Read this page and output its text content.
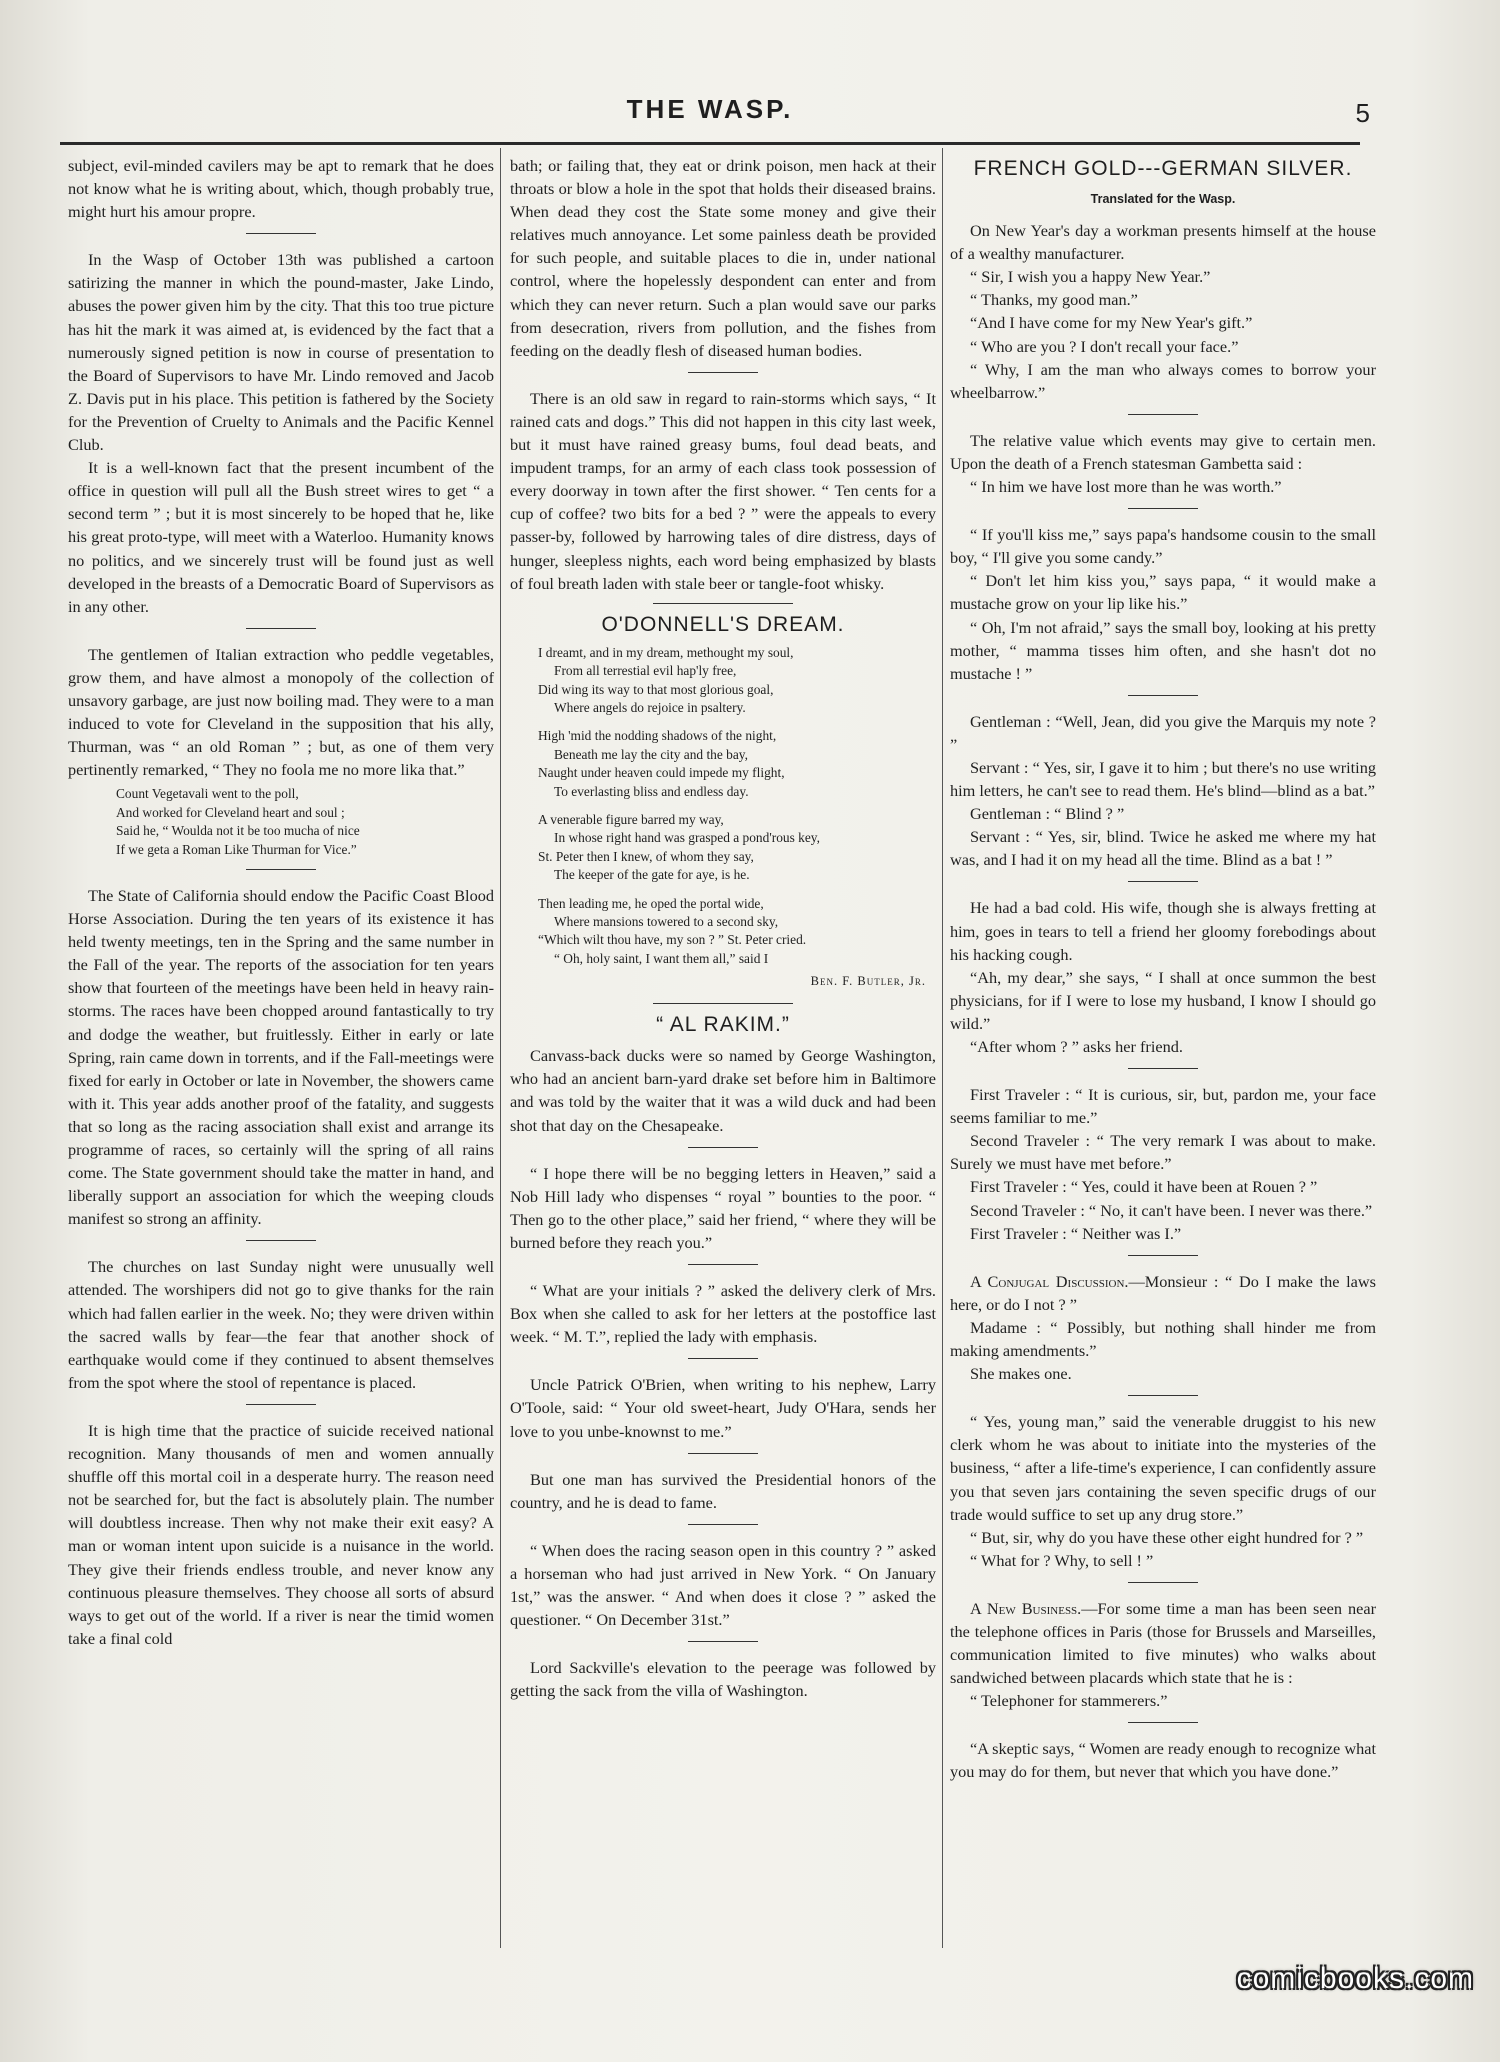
THE WASP.	5

subject, evil-minded cavilers may be apt to remark that he does not know what he is writing about, which, though probably true, might hurt his amour propre.

In the Wasp of October 13th was published a cartoon satirizing the manner in which the pound-master, Jake Lindo, abuses the power given him by the city. That this too true picture has hit the mark it was aimed at, is evidenced by the fact that a numerously signed petition is now in course of presentation to the Board of Supervisors to have Mr. Lindo removed and Jacob Z. Davis put in his place. This petition is fathered by the Society for the Prevention of Cruelty to Animals and the Pacific Kennel Club.

It is a well-known fact that the present incumbent of the office in question will pull all the Bush street wires to get “ a second term ” ; but it is most sincerely to be hoped that he, like his great proto-type, will meet with a Waterloo. Humanity knows no politics, and we sincerely trust will be found just as well developed in the breasts of a Democratic Board of Supervisors as in any other.

The gentlemen of Italian extraction who peddle vegetables, grow them, and have almost a monopoly of the collection of unsavory garbage, are just now boiling mad. They were to a man induced to vote for Cleveland in the supposition that his ally, Thurman, was “ an old Roman ” ; but, as one of them very pertinently remarked, “ They no foola me no more lika that.”

Count Vegetavali went to the poll,
And worked for Cleveland heart and soul ;
Said he, “ Woulda not it be too mucha of nice
If we geta a Roman Like Thurman for Vice.”

The State of California should endow the Pacific Coast Blood Horse Association. During the ten years of its existence it has held twenty meetings, ten in the Spring and the same number in the Fall of the year. The reports of the association for ten years show that fourteen of the meetings have been held in heavy rain-storms. The races have been chopped around fantastically to try and dodge the weather, but fruitlessly. Either in early or late Spring, rain came down in torrents, and if the Fall-meetings were fixed for early in October or late in November, the showers came with it. This year adds another proof of the fatality, and suggests that so long as the racing association shall exist and arrange its programme of races, so certainly will the spring of all rains come. The State government should take the matter in hand, and liberally support an association for which the weeping clouds manifest so strong an affinity.

The churches on last Sunday night were unusually well attended. The worshipers did not go to give thanks for the rain which had fallen earlier in the week. No; they were driven within the sacred walls by fear—the fear that another shock of earthquake would come if they continued to absent themselves from the spot where the stool of repentance is placed.

It is high time that the practice of suicide received national recognition. Many thousands of men and women annually shuffle off this mortal coil in a desperate hurry. The reason need not be searched for, but the fact is absolutely plain. The number will doubtless increase. Then why not make their exit easy? A man or woman intent upon suicide is a nuisance in the world. They give their friends endless trouble, and never know any continuous pleasure themselves. They choose all sorts of absurd ways to get out of the world. If a river is near the timid women take a final cold

bath; or failing that, they eat or drink poison, men hack at their throats or blow a hole in the spot that holds their diseased brains. When dead they cost the State some money and give their relatives much annoyance. Let some painless death be provided for such people, and suitable places to die in, under national control, where the hopelessly despondent can enter and from which they can never return. Such a plan would save our parks from desecration, rivers from pollution, and the fishes from feeding on the deadly flesh of diseased human bodies.

There is an old saw in regard to rain-storms which says, “ It rained cats and dogs.” This did not happen in this city last week, but it must have rained greasy bums, foul dead beats, and impudent tramps, for an army of each class took possession of every doorway in town after the first shower. “ Ten cents for a cup of coffee? two bits for a bed ? ” were the appeals to every passer-by, followed by harrowing tales of dire distress, days of hunger, sleepless nights, each word being emphasized by blasts of foul breath laden with stale beer or tangle-foot whisky.

O'DONNELL'S DREAM.
I dreamt, and in my dream, methought my soul,
From all terrestial evil hap'ly free,
Did wing its way to that most glorious goal,
Where angels do rejoice in psaltery.
High 'mid the nodding shadows of the night,
Beneath me lay the city and the bay,
Naught under heaven could impede my flight,
To everlasting bliss and endless day.
A venerable figure barred my way,
In whose right hand was grasped a pond'rous key,
St. Peter then I knew, of whom they say,
The keeper of the gate for aye, is he.
Then leading me, he oped the portal wide,
Where mansions towered to a second sky,
“Which wilt thou have, my son ? ” St. Peter cried.
“ Oh, holy saint, I want them all,” said I
Ben. F. Butler, Jr.
“ AL RAKIM.”

Canvass-back ducks were so named by George Washington, who had an ancient barn-yard drake set before him in Baltimore and was told by the waiter that it was a wild duck and had been shot that day on the Chesapeake.

“ I hope there will be no begging letters in Heaven,” said a Nob Hill lady who dispenses “ royal ” bounties to the poor. “ Then go to the other place,” said her friend, “ where they will be burned before they reach you.”

“ What are your initials ? ” asked the delivery clerk of Mrs. Box when she called to ask for her letters at the postoffice last week. “ M. T.”, replied the lady with emphasis.

Uncle Patrick O'Brien, when writing to his nephew, Larry O'Toole, said: “ Your old sweet-heart, Judy O'Hara, sends her love to you unbe-knownst to me.”

But one man has survived the Presidential honors of the country, and he is dead to fame.

“ When does the racing season open in this country ? ” asked a horseman who had just arrived in New York. “ On January 1st,” was the answer. “ And when does it close ? ” asked the questioner. “ On December 31st.”

Lord Sackville's elevation to the peerage was followed by getting the sack from the villa of Washington.

FRENCH GOLD---GERMAN SILVER.
Translated for the Wasp.

On New Year's day a workman presents himself at the house of a wealthy manufacturer.

“ Sir, I wish you a happy New Year.”

“ Thanks, my good man.”

“And I have come for my New Year's gift.”

“ Who are you ? I don't recall your face.”

“ Why, I am the man who always comes to borrow your wheelbarrow.”

The relative value which events may give to certain men. Upon the death of a French statesman Gambetta said :

“ In him we have lost more than he was worth.”

“ If you'll kiss me,” says papa's handsome cousin to the small boy, “ I'll give you some candy.”

“ Don't let him kiss you,” says papa, “ it would make a mustache grow on your lip like his.”

“ Oh, I'm not afraid,” says the small boy, looking at his pretty mother, “ mamma tisses him often, and she hasn't dot no mustache ! ”

Gentleman : “Well, Jean, did you give the Marquis my note ? ”

Servant : “ Yes, sir, I gave it to him ; but there's no use writing him letters, he can't see to read them. He's blind—blind as a bat.”

Gentleman : “ Blind ? ”

Servant : “ Yes, sir, blind. Twice he asked me where my hat was, and I had it on my head all the time. Blind as a bat ! ”

He had a bad cold. His wife, though she is always fretting at him, goes in tears to tell a friend her gloomy forebodings about his hacking cough.

“Ah, my dear,” she says, “ I shall at once summon the best physicians, for if I were to lose my husband, I know I should go wild.”

“After whom ? ” asks her friend.

First Traveler : “ It is curious, sir, but, pardon me, your face seems familiar to me.”

Second Traveler : “ The very remark I was about to make. Surely we must have met before.”

First Traveler : “ Yes, could it have been at Rouen ? ”

Second Traveler : “ No, it can't have been. I never was there.”

First Traveler : “ Neither was I.”

A Conjugal Discussion.—Monsieur : “ Do I make the laws here, or do I not ? ”

Madame : “ Possibly, but nothing shall hinder me from making amendments.”

She makes one.

“ Yes, young man,” said the venerable druggist to his new clerk whom he was about to initiate into the mysteries of the business, “ after a life-time's experience, I can confidently assure you that seven jars containing the seven specific drugs of our trade would suffice to set up any drug store.”

“ But, sir, why do you have these other eight hundred for ? ”

“ What for ? Why, to sell ! ”

A New Business.—For some time a man has been seen near the telephone offices in Paris (those for Brussels and Marseilles, communication limited to five minutes) who walks about sandwiched between placards which state that he is :

“ Telephoner for stammerers.”

“A skeptic says, “ Women are ready enough to recognize what you may do for them, but never that which you have done.”

comicbooks.com
